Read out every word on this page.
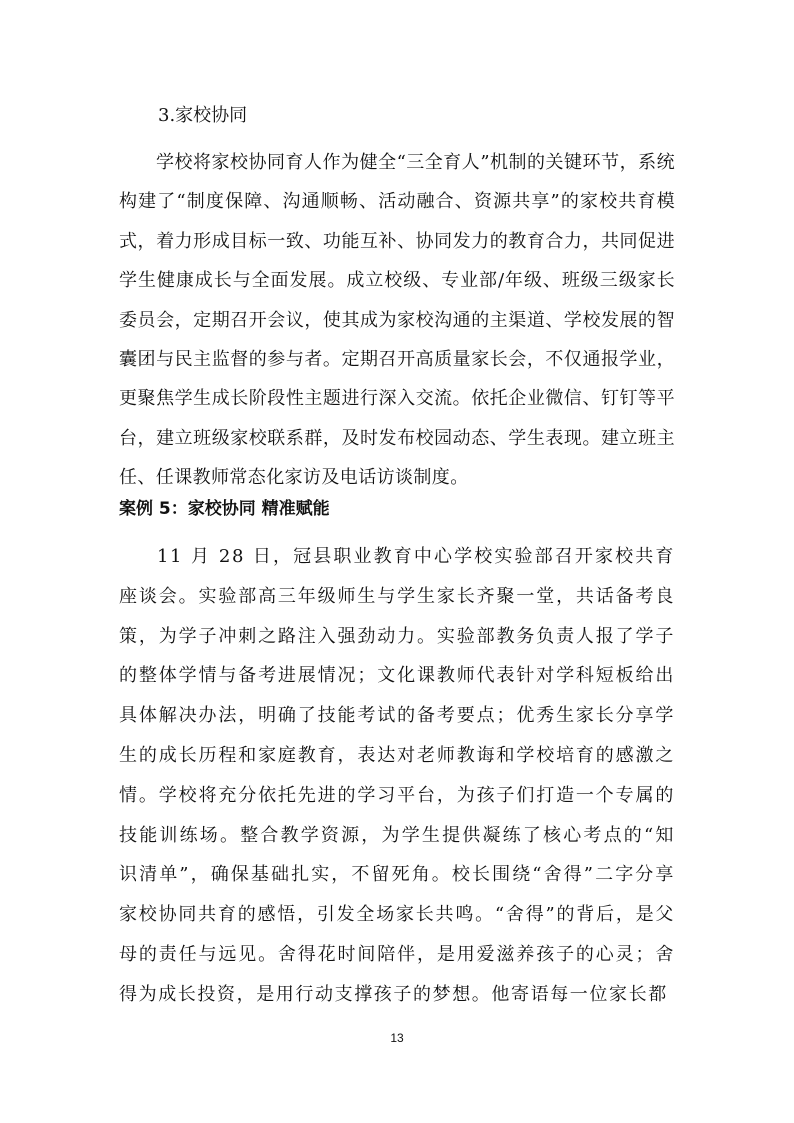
3.家校协同

学校将家校协同育人作为健全“三全育人”机制的关键环节，系统构建了“制度保障、沟通顺畅、活动融合、资源共享”的家校共育模式，着力形成目标一致、功能互补、协同发力的教育合力，共同促进学生健康成长与全面发展。成立校级、专业部/年级、班级三级家长委员会，定期召开会议，使其成为家校沟通的主渠道、学校发展的智囊团与民主监督的参与者。定期召开高质量家长会，不仅通报学业，更聚焦学生成长阶段性主题进行深入交流。依托企业微信、钉钉等平台，建立班级家校联系群，及时发布校园动态、学生表现。建立班主任、任课教师常态化家访及电话访谈制度。

案例 5：家校协同 精准赋能

11 月 28 日，冠县职业教育中心学校实验部召开家校共育座谈会。实验部高三年级师生与学生家长齐聚一堂，共话备考良策，为学子冲刺之路注入强劲动力。实验部教务负责人报了学子的整体学情与备考进展情况；文化课教师代表针对学科短板给出具体解决办法，明确了技能考试的备考要点；优秀生家长分享学生的成长历程和家庭教育，表达对老师教诲和学校培育的感激之情。学校将充分依托先进的学习平台，为孩子们打造一个专属的技能训练场。整合教学资源，为学生提供凝练了核心考点的“知识清单”，确保基础扎实，不留死角。校长围绕“舍得”二字分享家校协同共育的感悟，引发全场家长共鸣。“舍得”的背后，是父母的责任与远见。舍得花时间陪伴，是用爱滋养孩子的心灵；舍得为成长投资，是用行动支撑孩子的梦想。他寄语每一位家长都

13
